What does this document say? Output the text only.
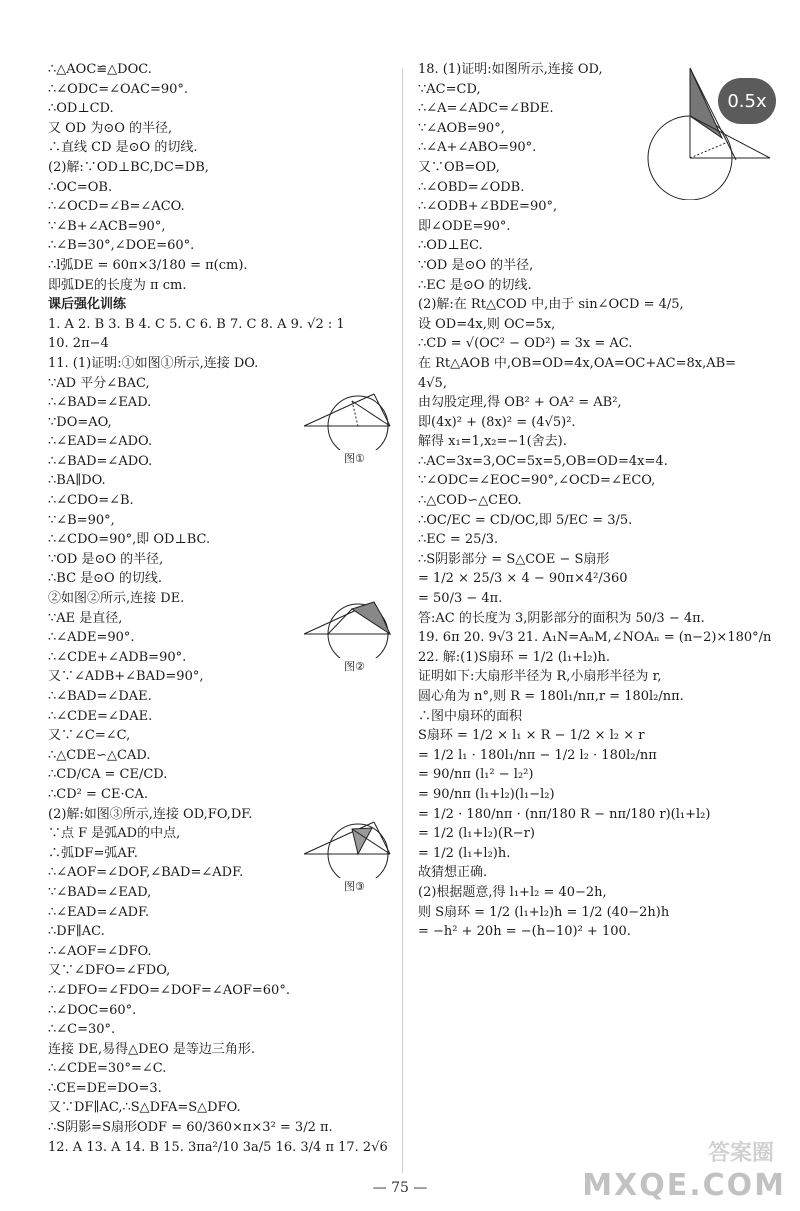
∴△AOC≌△DOC.
∴∠ODC=∠OAC=90°.
∴OD⊥CD.
又 OD 为⊙O 的半径,
∴直线 CD 是⊙O 的切线.
(2)解:∵OD⊥BC,DC=DB,
∴OC=OB.
∴∠OCD=∠B=∠ACO.
∵∠B+∠ACB=90°,
∴∠B=30°,∠DOE=60°.
∴l弧DE = 60π×3/180 = π(cm).
即弧DE的长度为 π cm.
课后强化训练
1. A 2. B 3. B 4. C 5. C 6. B 7. C 8. A 9. √2 : 1
10. 2π−4
11. (1)证明:①如图①所示,连接 DO.
∵AD 平分∠BAC,
∴∠BAD=∠EAD.
∵DO=AO,
∴∠EAD=∠ADO.
∴∠BAD=∠ADO.
∴BA∥DO.
∴∠CDO=∠B.
∵∠B=90°,
∴∠CDO=90°,即 OD⊥BC.
∵OD 是⊙O 的半径,
∴BC 是⊙O 的切线.
②如图②所示,连接 DE.
∵AE 是直径,
∴∠ADE=90°.
∴∠CDE+∠ADB=90°.
又∵∠ADB+∠BAD=90°,
∴∠BAD=∠DAE.
∴∠CDE=∠DAE.
又∵∠C=∠C,
∴△CDE∽△CAD.
∴CD/CA = CE/CD.
∴CD² = CE·CA.
(2)解:如图③所示,连接 OD,FO,DF.
∵点 F 是弧AD的中点,
∴弧DF=弧AF.
∴∠AOF=∠DOF,∠BAD=∠ADF.
∵∠BAD=∠EAD,
∴∠EAD=∠ADF.
∴DF∥AC.
∴∠AOF=∠DFO.
又∵∠DFO=∠FDO,
∴∠DFO=∠FDO=∠DOF=∠AOF=60°.
∴∠DOC=60°.
∴∠C=30°.
连接 DE,易得△DEO 是等边三角形.
∴∠CDE=30°=∠C.
∴CE=DE=DO=3.
又∵DF∥AC,∴S△DFA=S△DFO.
∴S阴影=S扇形ODF = 60/360×π×3² = 3/2 π.
12. A 13. A 14. B 15. 3πa²/10 3a/5 16. 3/4 π 17. 2√6
18. (1)证明:如图所示,连接 OD,
∵AC=CD,
∴∠A=∠ADC=∠BDE.
∵∠AOB=90°,
∴∠A+∠ABO=90°.
又∵OB=OD,
∴∠OBD=∠ODB.
∴∠ODB+∠BDE=90°,
即∠ODE=90°.
∴OD⊥EC.
∵OD 是⊙O 的半径,
∴EC 是⊙O 的切线.
(2)解:在 Rt△COD 中,由于 sin∠OCD = 4/5,
设 OD=4x,则 OC=5x,
∴CD = √(OC² − OD²) = 3x = AC.
在 Rt△AOB 中,OB=OD=4x,OA=OC+AC=8x,AB=
4√5,
由勾股定理,得 OB² + OA² = AB²,
即(4x)² + (8x)² = (4√5)².
解得 x₁=1,x₂=−1(舍去).
∴AC=3x=3,OC=5x=5,OB=OD=4x=4.
∵∠ODC=∠EOC=90°,∠OCD=∠ECO,
∴△COD∽△CEO.
∴OC/EC = CD/OC,即 5/EC = 3/5.
∴EC = 25/3.
∴S阴影部分 = S△COE − S扇形
= 1/2 × 25/3 × 4 − 90π×4²/360
= 50/3 − 4π.
答:AC 的长度为 3,阴影部分的面积为 50/3 − 4π.
19. 6π 20. 9√3 21. A₁N=AₙM,∠NOAₙ = (n−2)×180°/n
22. 解:(1)S扇环 = 1/2 (l₁+l₂)h.
证明如下:大扇形半径为 R,小扇形半径为 r,
圆心角为 n°,则 R = 180l₁/nπ,r = 180l₂/nπ.
∴图中扇环的面积
S扇环 = 1/2 × l₁ × R − 1/2 × l₂ × r
= 1/2 l₁ · 180l₁/nπ − 1/2 l₂ · 180l₂/nπ
= 90/nπ (l₁² − l₂²)
= 90/nπ (l₁+l₂)(l₁−l₂)
= 1/2 · 180/nπ · (nπ/180 R − nπ/180 r)(l₁+l₂)
= 1/2 (l₁+l₂)(R−r)
= 1/2 (l₁+l₂)h.
故猜想正确.
(2)根据题意,得 l₁+l₂ = 40−2h,
则 S扇环 = 1/2 (l₁+l₂)h = 1/2 (40−2h)h
= −h² + 20h = −(h−10)² + 100.
图①
图②
图③
0.5x
— 75 —
答案圈
MXQE.COM
